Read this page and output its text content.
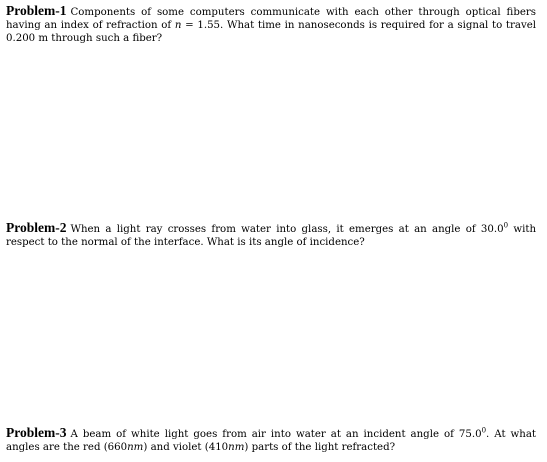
Problem-1 Components of some computers communicate with each other through optical fibers having an index of refraction of n = 1.55. What time in nanoseconds is required for a signal to travel 0.200 m through such a fiber?
Problem-2 When a light ray crosses from water into glass, it emerges at an angle of 30.0$^0$ with respect to the normal of the interface. What is its angle of incidence?
Problem-3 A beam of white light goes from air into water at an incident angle of 75.0$^0$. At what angles are the red (660nm) and violet (410nm) parts of the light refracted?
